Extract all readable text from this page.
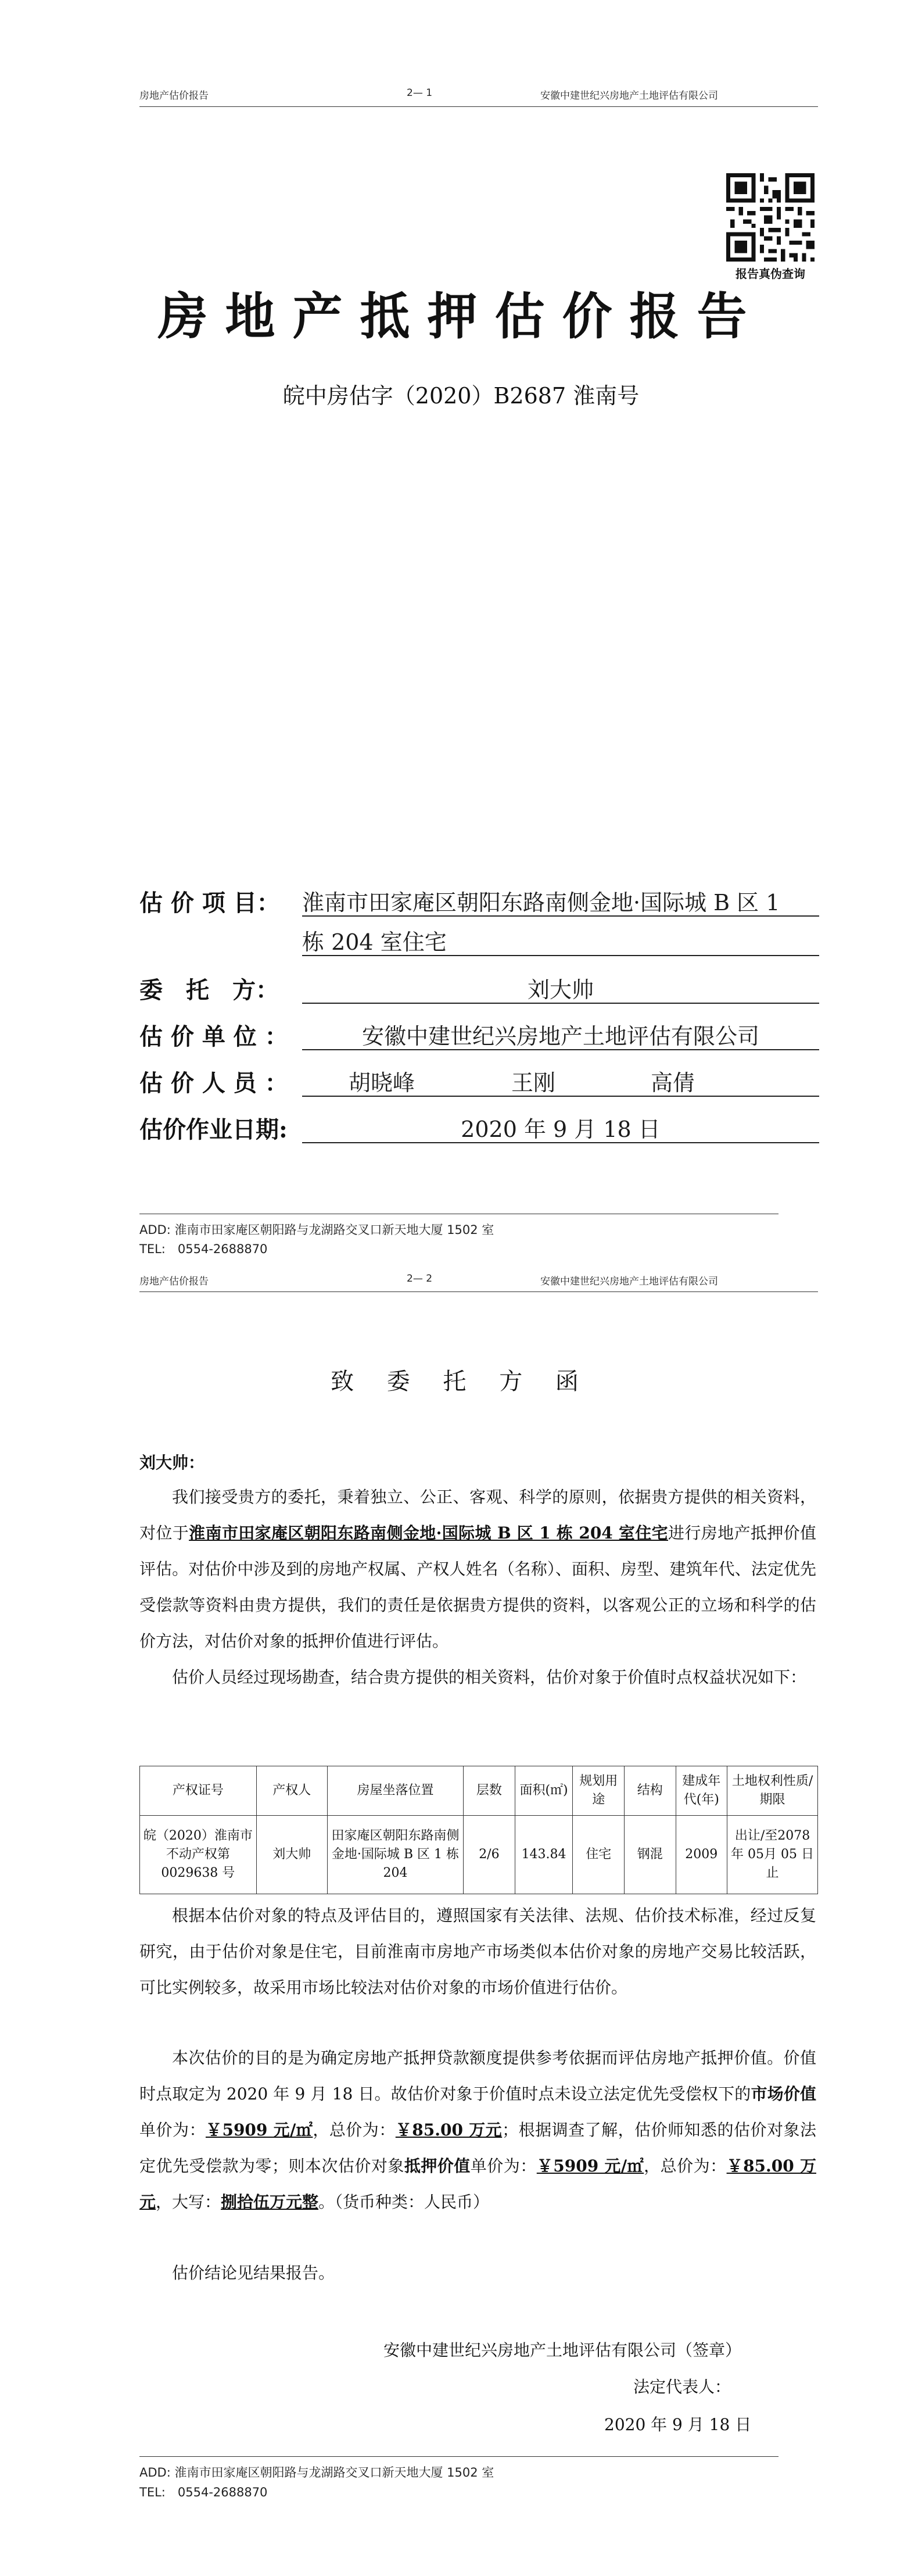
房地产估价报告	2— 1	安徽中建世纪兴房地产土地评估有限公司
报告真伪查询
房地产抵押估价报告
皖中房估字（2020）B2687 淮南号
估 价 项 目： 淮南市田家庵区朝阳东路南侧金地·国际城 B 区 1
栋 204 室住宅
委　托　方：	刘大帅
估 价 单 位 ：	安徽中建世纪兴房地产土地评估有限公司
估 价 人 员 ：	胡晓峰	王刚	高倩
估价作业日期:	2020 年 9 月 18 日
ADD: 淮南市田家庵区朝阳路与龙湖路交叉口新天地大厦 1502 室
TEL:　0554-2688870
房地产估价报告	2— 2	安徽中建世纪兴房地产土地评估有限公司
致 委 托 方 函
刘大帅：
我们接受贵方的委托，秉着独立、公正、客观、科学的原则，依据贵方提供的相关资料，对位于淮南市田家庵区朝阳东路南侧金地·国际城 B 区 1 栋 204 室住宅进行房地产抵押价值评估。对估价中涉及到的房地产权属、产权人姓名（名称）、面积、房型、建筑年代、法定优先受偿款等资料由贵方提供，我们的责任是依据贵方提供的资料，以客观公正的立场和科学的估价方法，对估价对象的抵押价值进行评估。
估价人员经过现场勘查，结合贵方提供的相关资料，估价对象于价值时点权益状况如下：
产权证号	产权人	房屋坐落位置	层数	面积(㎡)	规划用途	结构	建成年代(年)	土地权利性质/期限
皖（2020）淮南市不动产权第0029638 号	刘大帅	田家庵区朝阳东路南侧金地·国际城 B 区 1 栋 204	2/6	143.84	住宅	钢混	2009	出让/至2078 年 05月 05 日止
根据本估价对象的特点及评估目的，遵照国家有关法律、法规、估价技术标准，经过反复研究，由于估价对象是住宅，目前淮南市房地产市场类似本估价对象的房地产交易比较活跃，可比实例较多，故采用市场比较法对估价对象的市场价值进行估价。
本次估价的目的是为确定房地产抵押贷款额度提供参考依据而评估房地产抵押价值。价值时点取定为 2020 年 9 月 18 日。故估价对象于价值时点未设立法定优先受偿权下的市场价值单价为：￥5909 元/㎡，总价为：￥85.00 万元；根据调查了解，估价师知悉的估价对象法定优先受偿款为零；则本次估价对象抵押价值单价为：￥5909 元/㎡，总价为：￥85.00 万元，大写：捌拾伍万元整。（货币种类：人民币）
估价结论见结果报告。
安徽中建世纪兴房地产土地评估有限公司（签章）
法定代表人：
2020 年 9 月 18 日
ADD: 淮南市田家庵区朝阳路与龙湖路交叉口新天地大厦 1502 室
TEL:　0554-2688870
